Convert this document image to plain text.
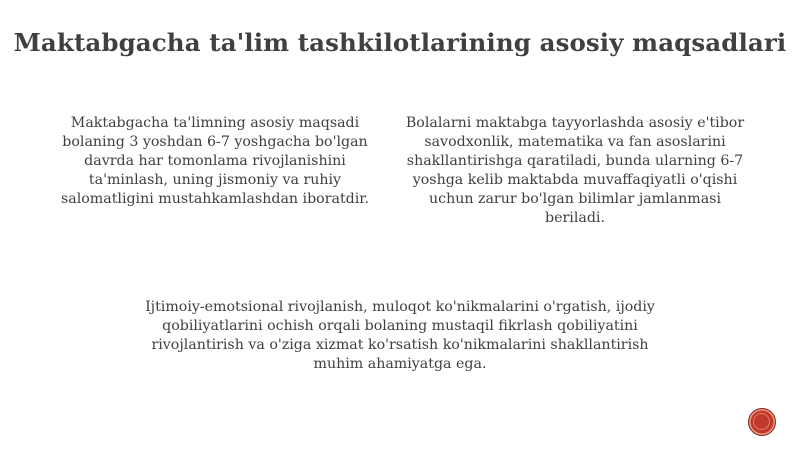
Maktabgacha ta'lim tashkilotlarining asosiy maqsadlari
Maktabgacha ta'limning asosiy maqsadi bolaning 3 yoshdan 6-7 yoshgacha bo'lgan davrda har tomonlama rivojlanishini ta'minlash, uning jismoniy va ruhiy salomatligini mustahkamlashdan iboratdir.
Bolalarni maktabga tayyorlashda asosiy e'tibor savodxonlik, matematika va fan asoslarini shakllantirishga qaratiladi, bunda ularning 6-7 yoshga kelib maktabda muvaffaqiyatli o'qishi uchun zarur bo'lgan bilimlar jamlanmasi beriladi.
Ijtimoiy-emotsional rivojlanish, muloqot ko'nikmalarini o'rgatish, ijodiy qobiliyatlarini ochish orqali bolaning mustaqil fikrlash qobiliyatini rivojlantirish va o'ziga xizmat ko'rsatish ko'nikmalarini shakllantirish muhim ahamiyatga ega.
